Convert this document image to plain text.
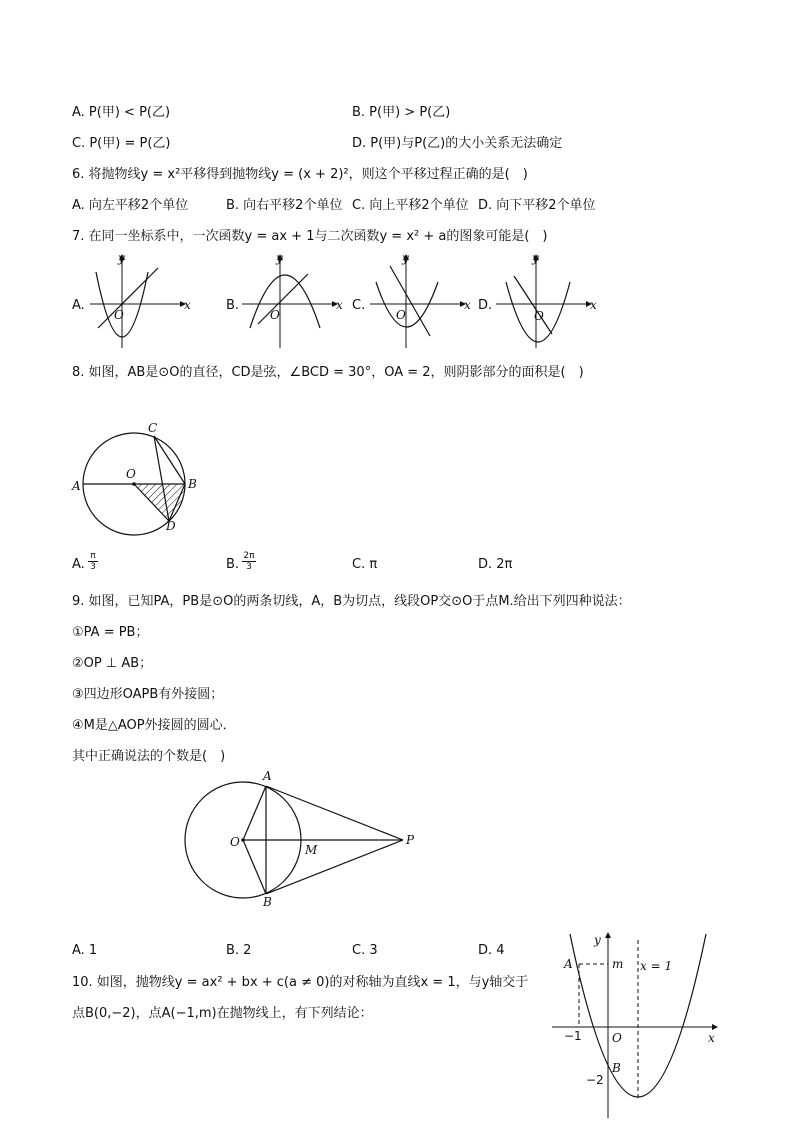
A. P(甲) < P(乙)	B. P(甲) > P(乙)
C. P(甲) = P(乙)	D. P(甲)与P(乙)的大小关系无法确定
6. 将抛物线y = x²平移得到抛物线y = (x + 2)²，则这个平移过程正确的是(　)
A. 向左平移2个单位	B. 向右平移2个单位 C. 向上平移2个单位 D. 向下平移2个单位
7. 在同一坐标系中，一次函数y = ax + 1与二次函数y = x² + a的图象可能是(　)
A.
y
x
O
B.
y
x
O
C.
y
x
O
D.
y
x
O
8. 如图，AB是⊙O的直径，CD是弦，∠BCD = 30°，OA = 2，则阴影部分的面积是(　)
A	B
C
D
O
A.
π
3	B.
2π
3	C. π	D. 2π
9. 如图，已知PA，PB是⊙O的两条切线，A，B为切点，线段OP交⊙O于点M.给出下列四种说法：
①PA = PB；
②OP ⊥ AB；
③四边形OAPB有外接圆；
④M是△AOP外接圆的圆心．
其中正确说法的个数是(　)
A
B
O
M
P
A. 1	B. 2	C. 3	D. 4
10. 如图，抛物线y = ax² + bx + c(a ≠ 0)的对称轴为直线x = 1，与y轴交于
点B(0,−2)，点A(−1,m)在抛物线上，有下列结论：
y
x
A	m x = 1
−1	O
B
−2
